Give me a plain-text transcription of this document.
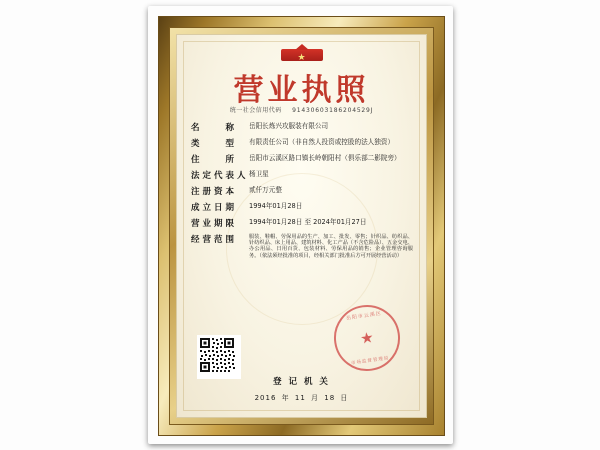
★
营业执照
统一社会信用代码 91430603186204529J
名　　称	岳阳长炼兴攻服装有限公司
类　　型	有限责任公司（非自然人投资或控股的法人独资）
住　　所	岳阳市云溪区路口镇长岭朝阳村（俱乐部二影院旁）
法定代表人 杨卫星
注册资本	贰仟万元整
成立日期	1994年01月28日
营业期限	1994年01月28日 至 2024年01月27日
经营范围	服装、鞋帽、劳保用品的生产、加工、批发、零售；针织品、纺织品、针纺织品、床上用品、建筑材料、化工产品（不含危险品）、五金交电、办公用品、日用百货、包装材料、劳保用品的销售；企业管理咨询服务。（依法须经批准的项目，经相关部门批准后方可开展经营活动）
岳阳市云溪区
市场监督管理局
★
登 记 机 关
2016 年 11 月 18 日
